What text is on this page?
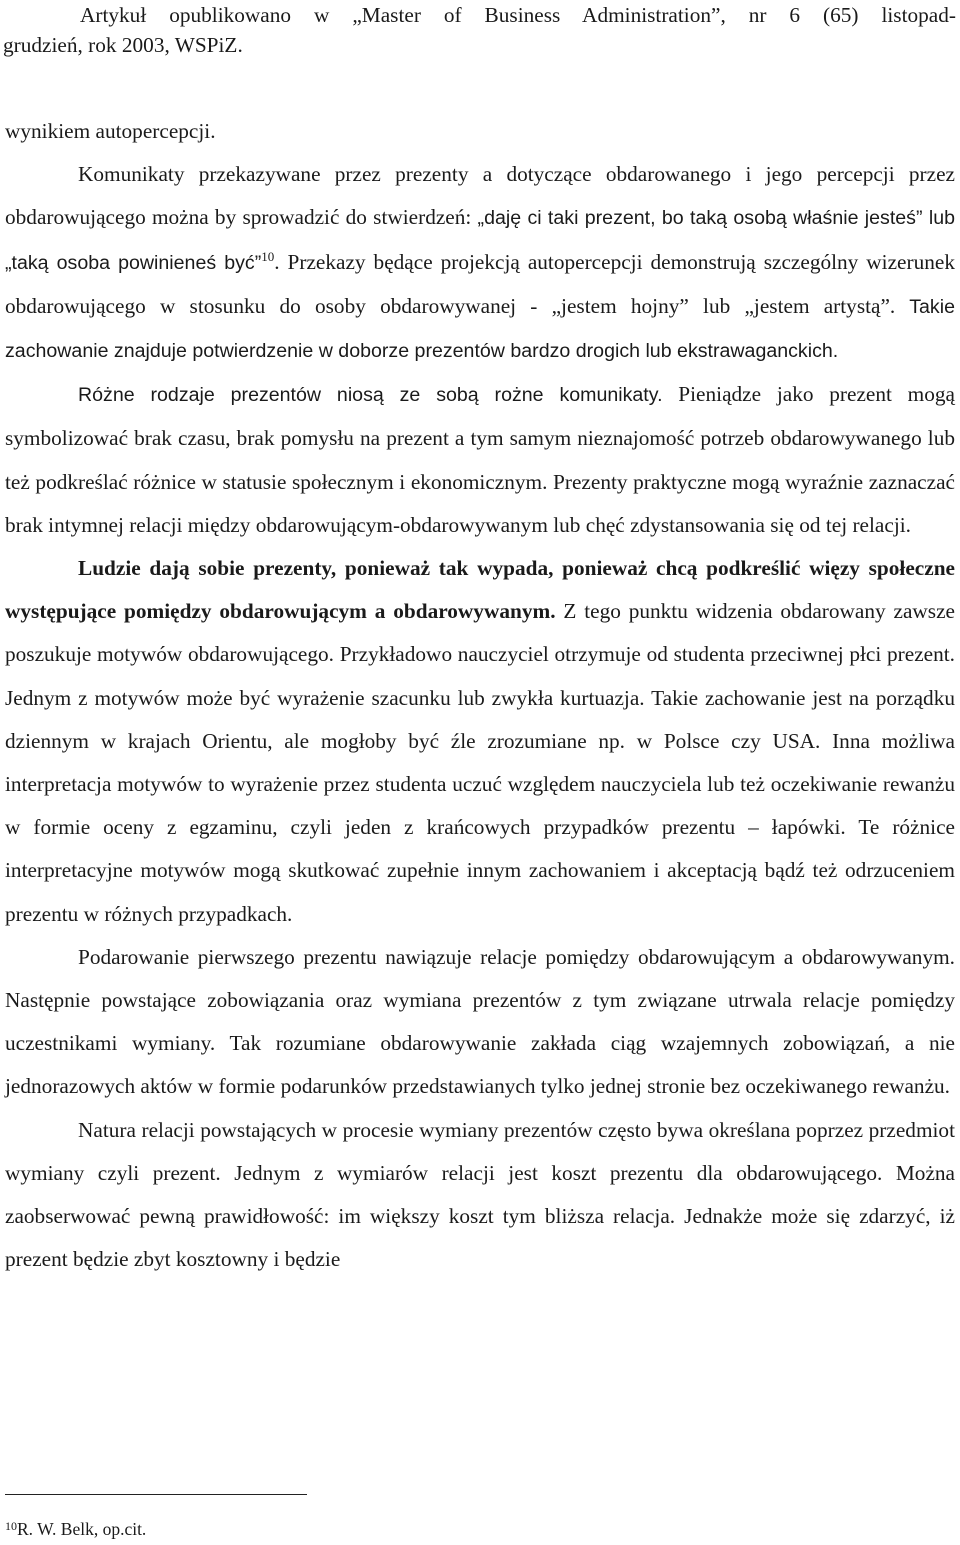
Artykuł opublikowano w „Master of Business Administration”, nr 6 (65) listopad-
grudzień, rok 2003, WSPiZ.

wynikiem autopercepcji.

Komunikaty przekazywane przez prezenty a dotyczące obdarowanego i jego percepcji przez obdarowującego można by sprowadzić do stwierdzeń: „daję ci taki prezent, bo taką osobą właśnie jesteś” lub „taką osoba powinieneś być”$^{10}$. Przekazy będące projekcją autopercepcji demonstrują szczególny wizerunek obdarowującego w stosunku do osoby obdarowywanej - „jestem hojny” lub „jestem artystą”. Takie zachowanie znajduje potwierdzenie w doborze prezentów bardzo drogich lub ekstrawaganckich.

Różne rodzaje prezentów niosą ze sobą rożne komunikaty. Pieniądze jako prezent mogą symbolizować brak czasu, brak pomysłu na prezent a tym samym nieznajomość potrzeb obdarowywanego lub też podkreślać różnice w statusie społecznym i ekonomicznym. Prezenty praktyczne mogą wyraźnie zaznaczać brak intymnej relacji między obdarowującym-obdarowywanym lub chęć zdystansowania się od tej relacji.

Ludzie dają sobie prezenty, ponieważ tak wypada, ponieważ chcą podkreślić więzy społeczne występujące pomiędzy obdarowującym a obdarowywanym. Z tego punktu widzenia obdarowany zawsze poszukuje motywów obdarowującego. Przykładowo nauczyciel otrzymuje od studenta przeciwnej płci prezent. Jednym z motywów może być wyrażenie szacunku lub zwykła kurtuazja. Takie zachowanie jest na porządku dziennym w krajach Orientu, ale mogłoby być źle zrozumiane np. w Polsce czy USA. Inna możliwa interpretacja motywów to wyrażenie przez studenta uczuć względem nauczyciela lub też oczekiwanie rewanżu w formie oceny z egzaminu, czyli jeden z krańcowych przypadków prezentu – łapówki. Te różnice interpretacyjne motywów mogą skutkować zupełnie innym zachowaniem i akceptacją bądź też odrzuceniem prezentu w różnych przypadkach.

Podarowanie pierwszego prezentu nawiązuje relacje pomiędzy obdarowującym a obdarowywanym. Następnie powstające zobowiązania oraz wymiana prezentów z tym związane utrwala relacje pomiędzy uczestnikami wymiany. Tak rozumiane obdarowywanie zakłada ciąg wzajemnych zobowiązań, a nie jednorazowych aktów w formie podarunków przedstawianych tylko jednej stronie bez oczekiwanego rewanżu.

Natura relacji powstających w procesie wymiany prezentów często bywa określana poprzez przedmiot wymiany czyli prezent. Jednym z wymiarów relacji jest koszt prezentu dla obdarowującego. Można zaobserwować pewną prawidłowość: im większy koszt tym bliższa relacja. Jednakże może się zdarzyć, iż prezent będzie zbyt kosztowny i będzie

$^{10}$R. W. Belk, op.cit.
